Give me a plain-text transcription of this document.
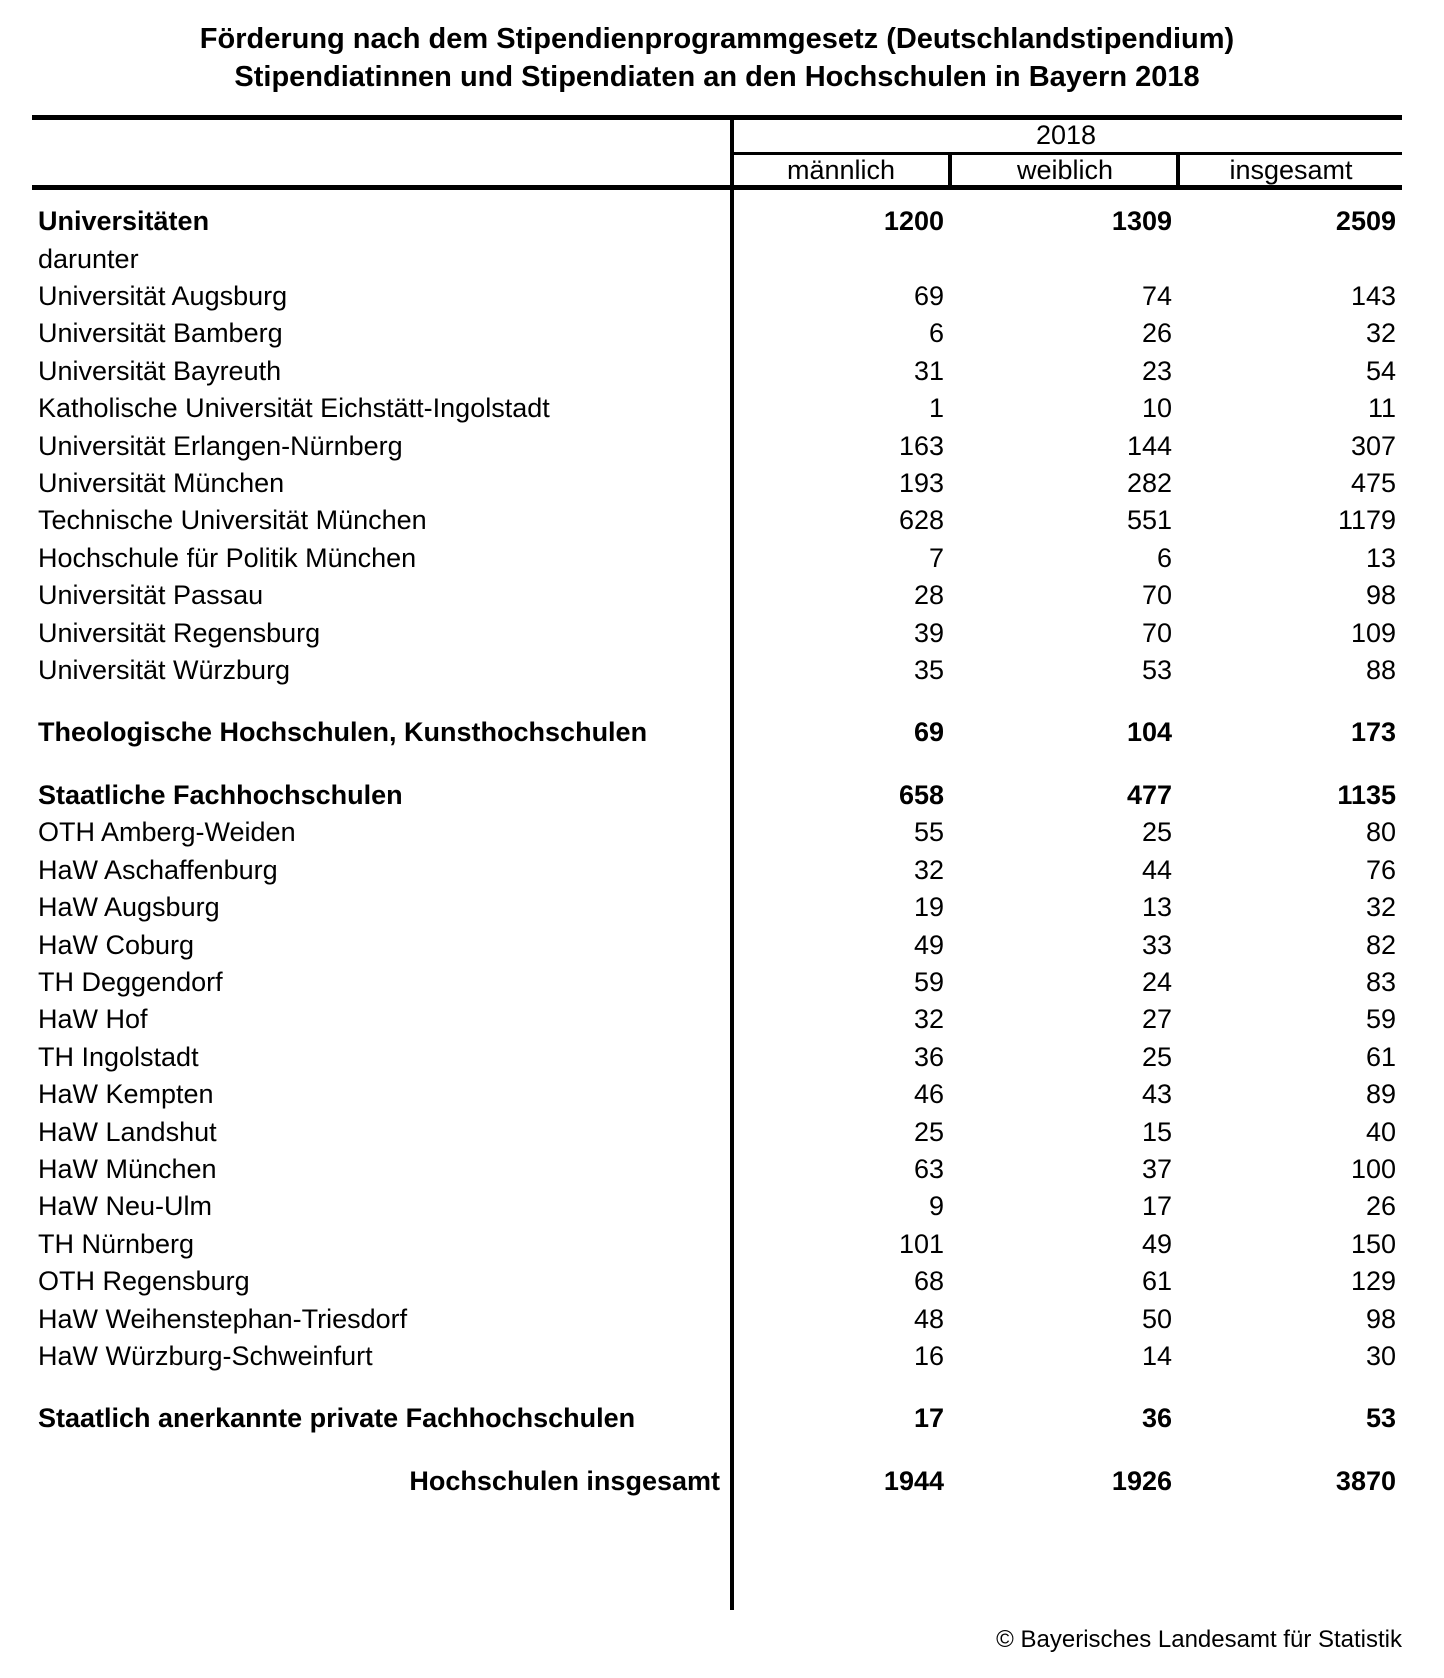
Förderung nach dem Stipendienprogrammgesetz (Deutschlandstipendium)
Stipendiatinnen und Stipendiaten an den Hochschulen in Bayern 2018
2018
männlich	weiblich	insgesamt
Universitäten	1200	1309	2509
darunter
Universität Augsburg	69	74	143
Universität Bamberg	6	26	32
Universität Bayreuth	31	23	54
Katholische Universität Eichstätt-Ingolstadt	1	10	11
Universität Erlangen-Nürnberg	163	144	307
Universität München	193	282	475
Technische Universität München	628	551	1179
Hochschule für Politik München	7	6	13
Universität Passau	28	70	98
Universität Regensburg	39	70	109
Universität Würzburg	35	53	88
Theologische Hochschulen, Kunsthochschulen	69	104	173
Staatliche Fachhochschulen	658	477	1135
OTH Amberg-Weiden	55	25	80
HaW Aschaffenburg	32	44	76
HaW Augsburg	19	13	32
HaW Coburg	49	33	82
TH Deggendorf	59	24	83
HaW Hof	32	27	59
TH Ingolstadt	36	25	61
HaW Kempten	46	43	89
HaW Landshut	25	15	40
HaW München	63	37	100
HaW Neu-Ulm	9	17	26
TH Nürnberg	101	49	150
OTH Regensburg	68	61	129
HaW Weihenstephan-Triesdorf	48	50	98
HaW Würzburg-Schweinfurt	16	14	30
Staatlich anerkannte private Fachhochschulen	17	36	53
Hochschulen insgesamt	1944	1926	3870
© Bayerisches Landesamt für Statistik
